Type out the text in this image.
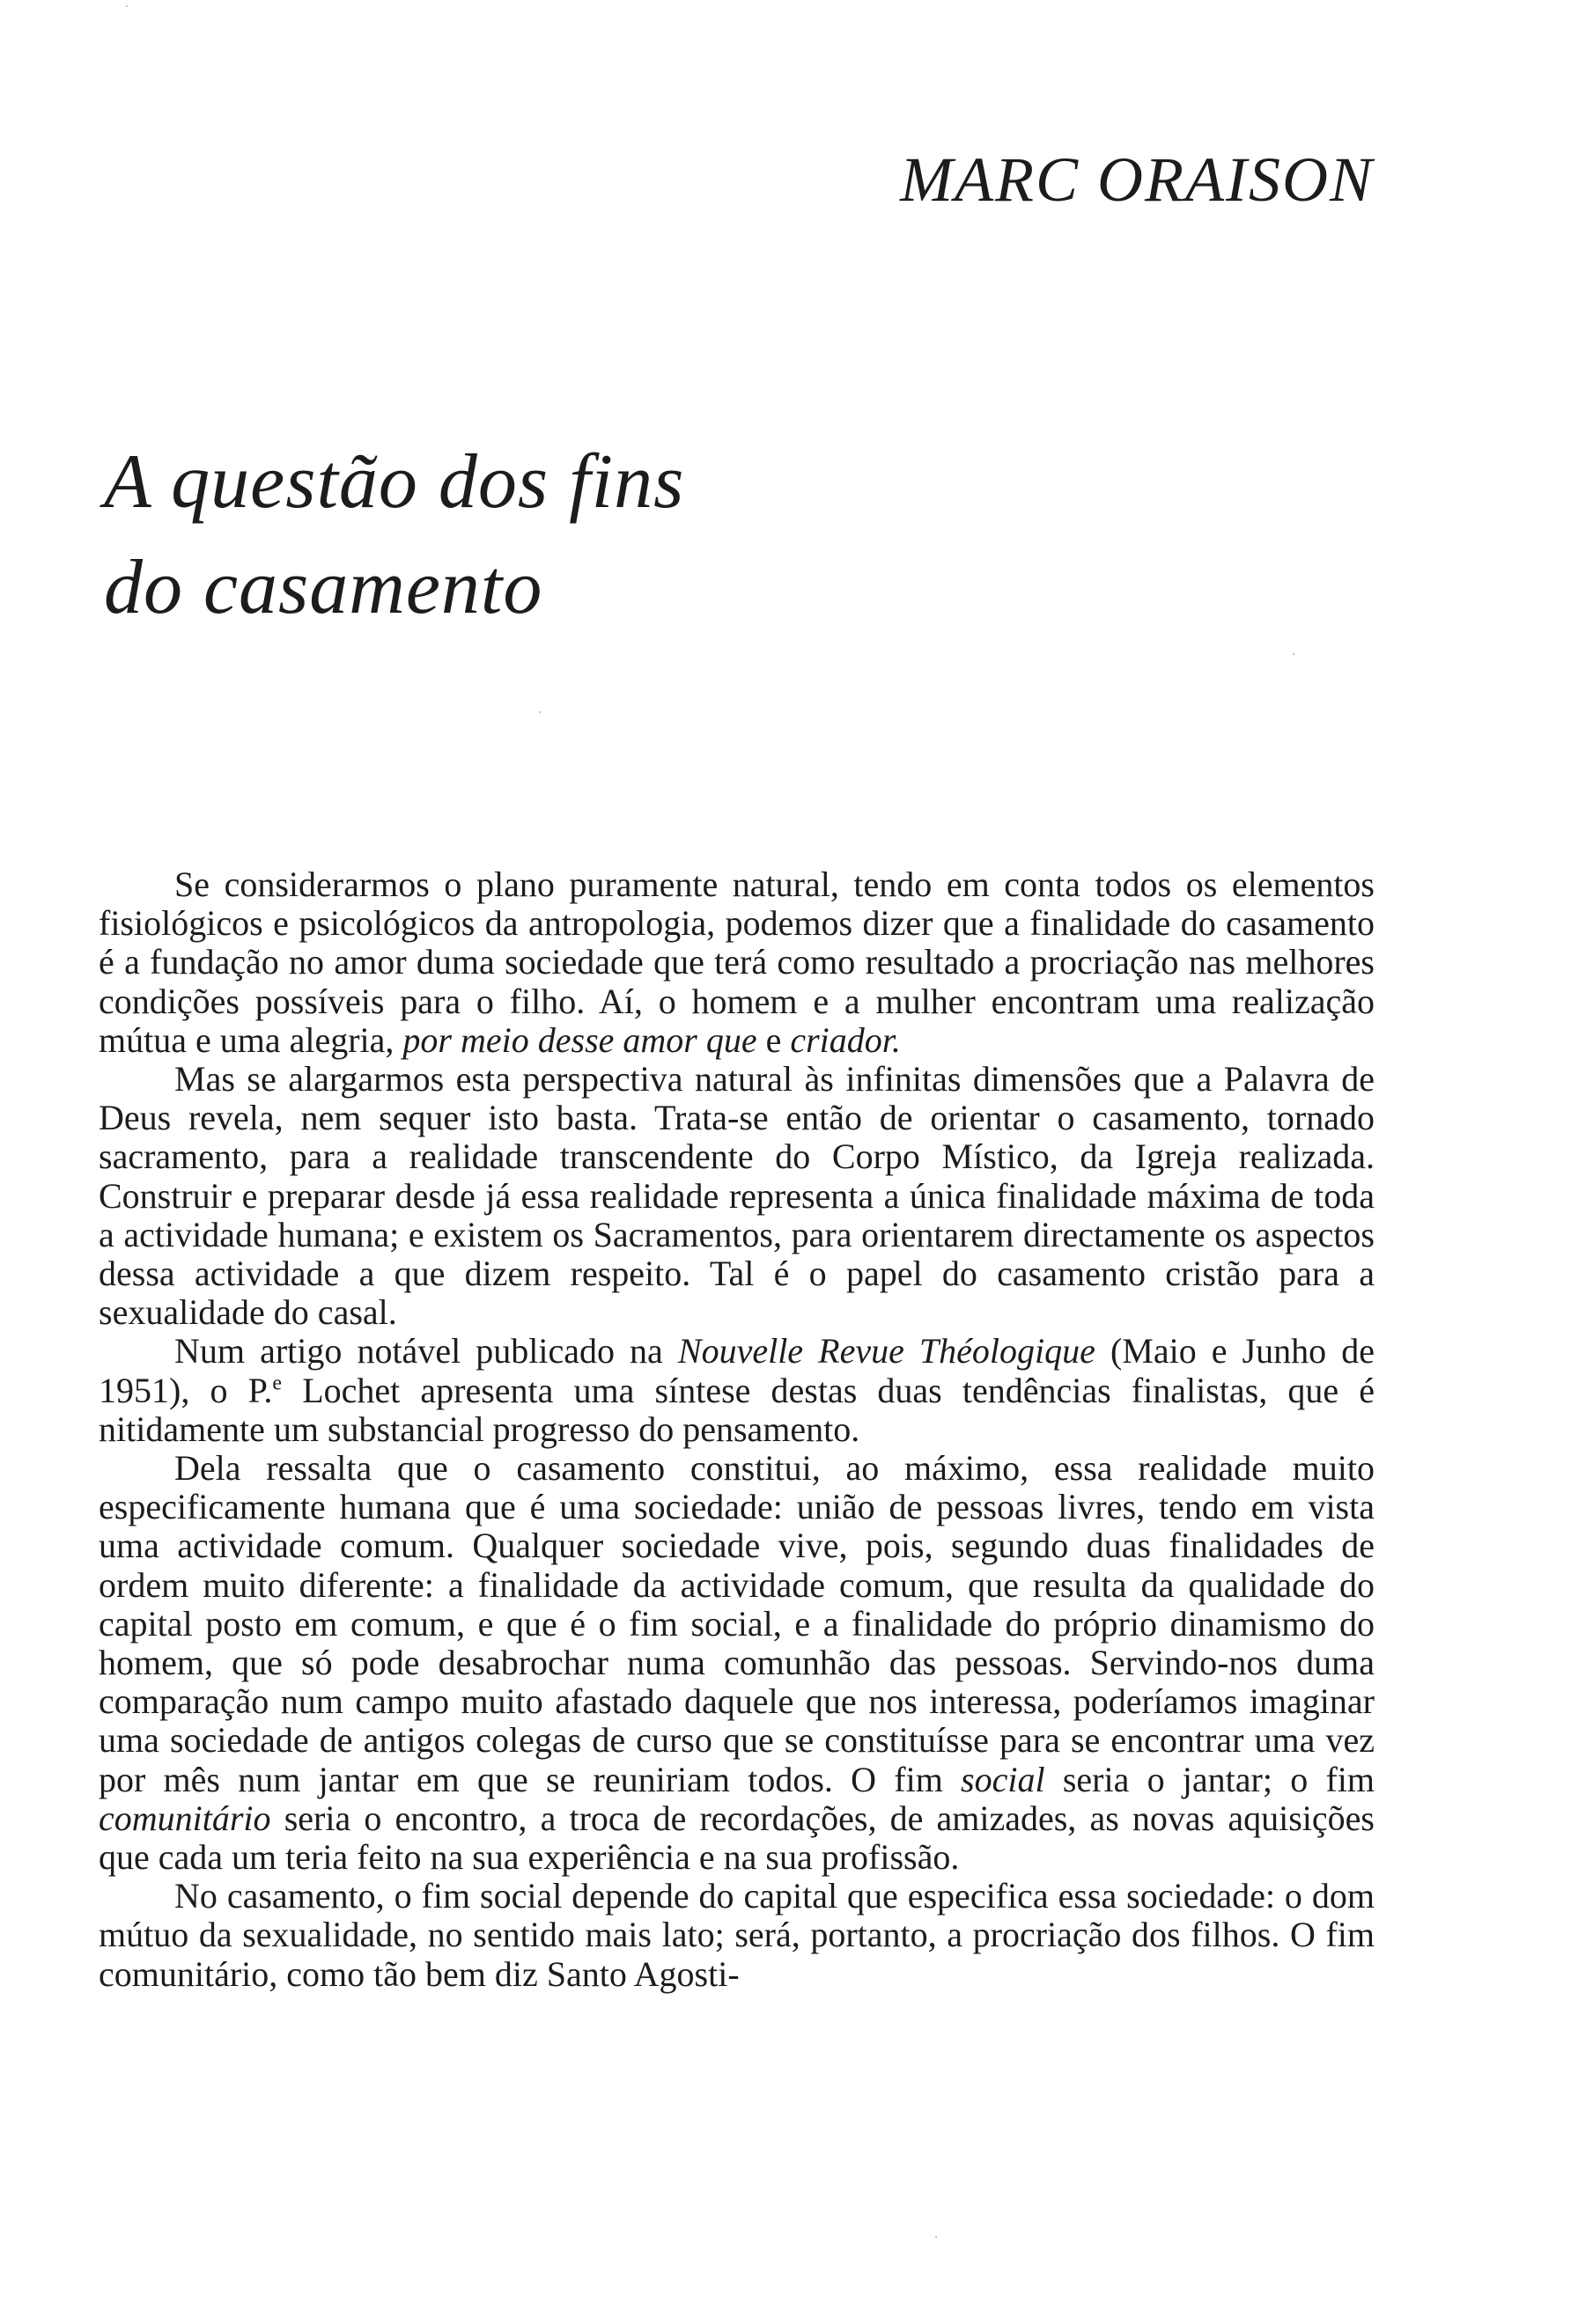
MARC ORAISON
A questão dos fins
do casamento

Se considerarmos o plano puramente natural, tendo em conta todos os elementos fisiológicos e psicológicos da antropologia, podemos dizer que a finalidade do casamento é a fundação no amor duma sociedade que terá como resultado a procriação nas melhores condições possíveis para o filho. Aí, o homem e a mulher encontram uma realização mútua e uma alegria, por meio desse amor que e criador.

Mas se alargarmos esta perspectiva natural às infinitas dimensões que a Palavra de Deus revela, nem sequer isto basta. Trata-se então de orientar o casamento, tornado sacramento, para a realidade transcendente do Corpo Místico, da Igreja realizada. Construir e preparar desde já essa realidade representa a única finalidade máxima de toda a actividade humana; e existem os Sacramentos, para orientarem directamente os aspectos dessa actividade a que dizem respeito. Tal é o papel do casamento cristão para a sexualidade do casal.

Num artigo notável publicado na Nouvelle Revue Théologique (Maio e Junho de 1951), o P.$^e$ Lochet apresenta uma síntese destas duas tendências finalistas, que é nitidamente um substancial progresso do pensamento.

Dela ressalta que o casamento constitui, ao máximo, essa realidade muito especificamente humana que é uma sociedade: união de pessoas livres, tendo em vista uma actividade comum. Qualquer sociedade vive, pois, segundo duas finalidades de ordem muito diferente: a finalidade da actividade comum, que resulta da qualidade do capital posto em comum, e que é o fim social, e a finalidade do próprio dinamismo do homem, que só pode desabrochar numa comunhão das pessoas. Servindo-nos duma comparação num campo muito afastado daquele que nos interessa, poderíamos imaginar uma sociedade de antigos colegas de curso que se constituísse para se encontrar uma vez por mês num jantar em que se reuniriam todos. O fim social seria o jantar; o fim comunitário seria o encontro, a troca de recordações, de amizades, as novas aquisições que cada um teria feito na sua experiência e na sua profissão.

No casamento, o fim social depende do capital que especifica essa sociedade: o dom mútuo da sexualidade, no sentido mais lato; será, portanto, a procriação dos filhos. O fim comunitário, como tão bem diz Santo Agosti-
